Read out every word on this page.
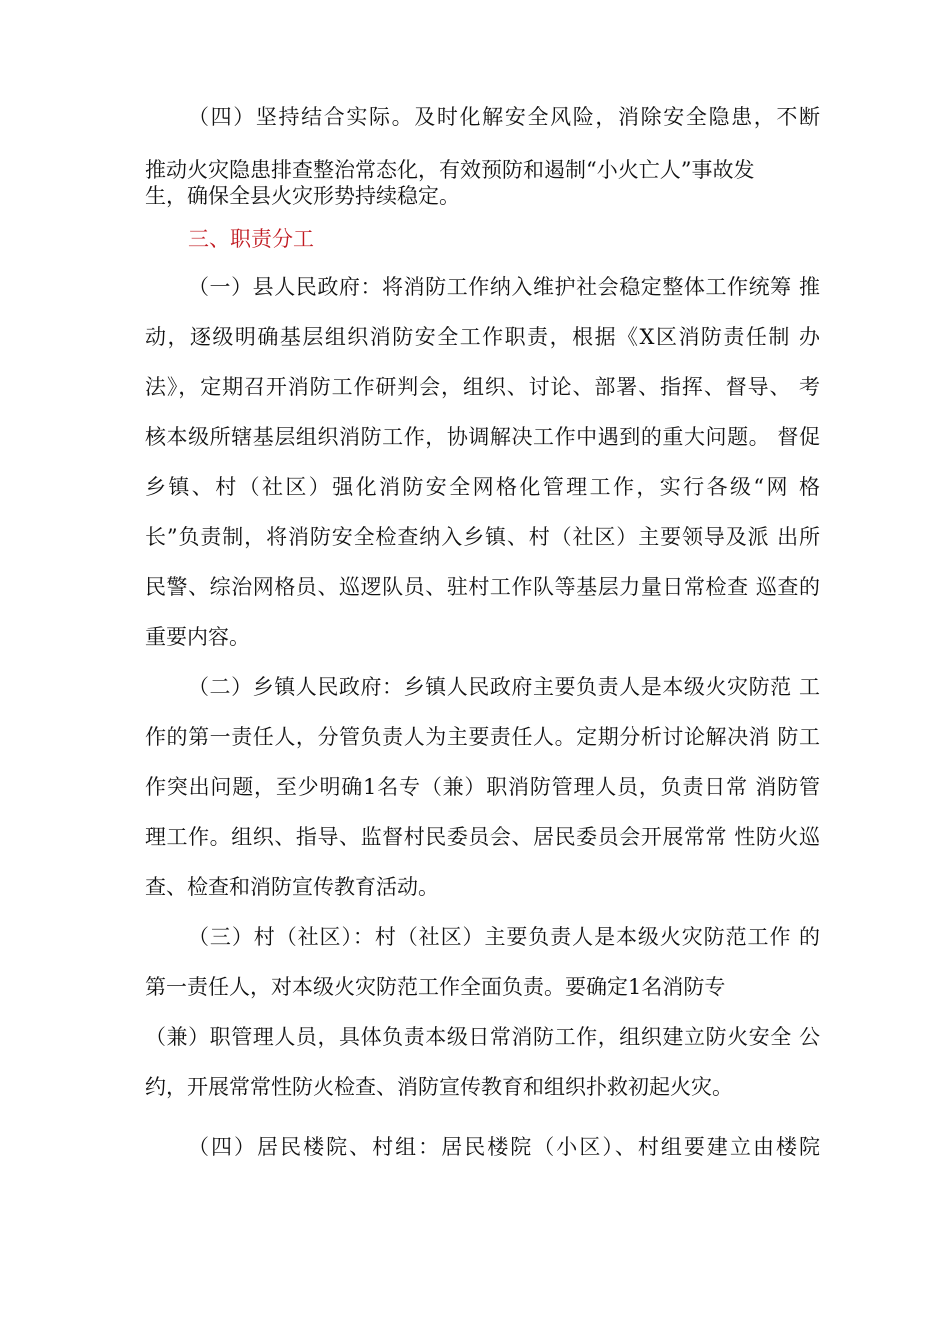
（四）坚持结合实际。及时化解安全风险，消除安全隐患，不断
推动火灾隐患排查整治常态化，有效预防和遏制“小火亡人”事故发
生，确保全县火灾形势持续稳定。
三、职责分工
（一）县人民政府：将消防工作纳入维护社会稳定整体工作统筹 推
动，逐级明确基层组织消防安全工作职责，根据《X区消防责任制 办
法》，定期召开消防工作研判会，组织、讨论、部署、指挥、督导、 考
核本级所辖基层组织消防工作，协调解决工作中遇到的重大问题。 督促
乡镇、村（社区）强化消防安全网格化管理工作，实行各级“网 格
长”负责制，将消防安全检查纳入乡镇、村（社区）主要领导及派 出所
民警、综治网格员、巡逻队员、驻村工作队等基层力量日常检查 巡查的
重要内容。
（二）乡镇人民政府：乡镇人民政府主要负责人是本级火灾防范 工
作的第一责任人，分管负责人为主要责任人。定期分析讨论解决消 防工
作突出问题，至少明确1名专（兼）职消防管理人员，负责日常 消防管
理工作。组织、指导、监督村民委员会、居民委员会开展常常 性防火巡
查、检查和消防宣传教育活动。
（三）村（社区）：村（社区）主要负责人是本级火灾防范工作 的
第一责任人，对本级火灾防范工作全面负责。要确定1名消防专
（兼）职管理人员，具体负责本级日常消防工作，组织建立防火安全 公
约，开展常常性防火检查、消防宣传教育和组织扑救初起火灾。
（四）居民楼院、村组：居民楼院（小区）、村组要建立由楼院
